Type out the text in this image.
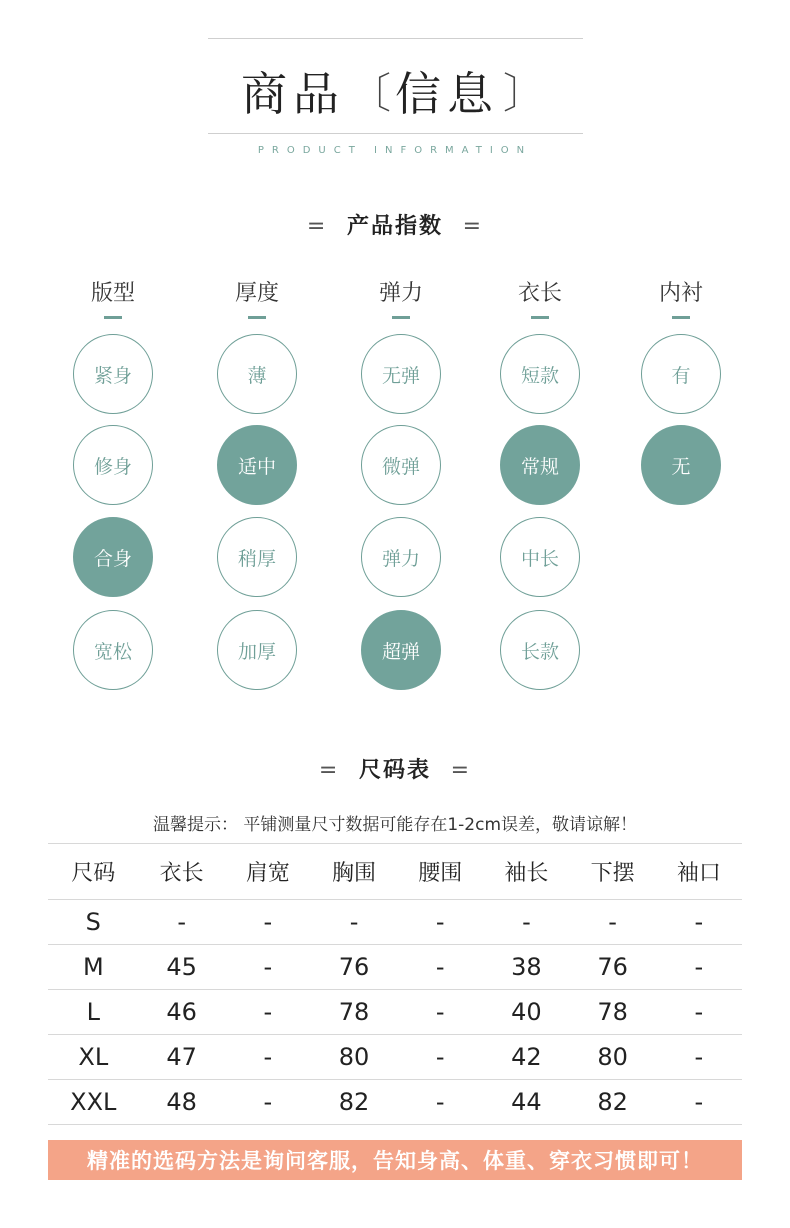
商品 〔 信息 〕
PRODUCT INFORMATION
= 产品指数 =
版型
紧身
修身
合身
宽松
厚度
薄
适中
稍厚
加厚
弹力
无弹
微弹
弹力
超弹
衣长
短款
常规
中长
长款
内衬
有
无
= 尺码表 =
温馨提示： 平铺测量尺寸数据可能存在1-2cm误差，敬请谅解！
尺码	衣长	肩宽	胸围	腰围	袖长	下摆	袖口
S	-	-	-	-	-	-	-
M	45	-	76	-	38	76	-
L	46	-	78	-	40	78	-
XL	47	-	80	-	42	80	-
XXL	48	-	82	-	44	82	-
精准的选码方法是询问客服，告知身高、体重、穿衣习惯即可！
